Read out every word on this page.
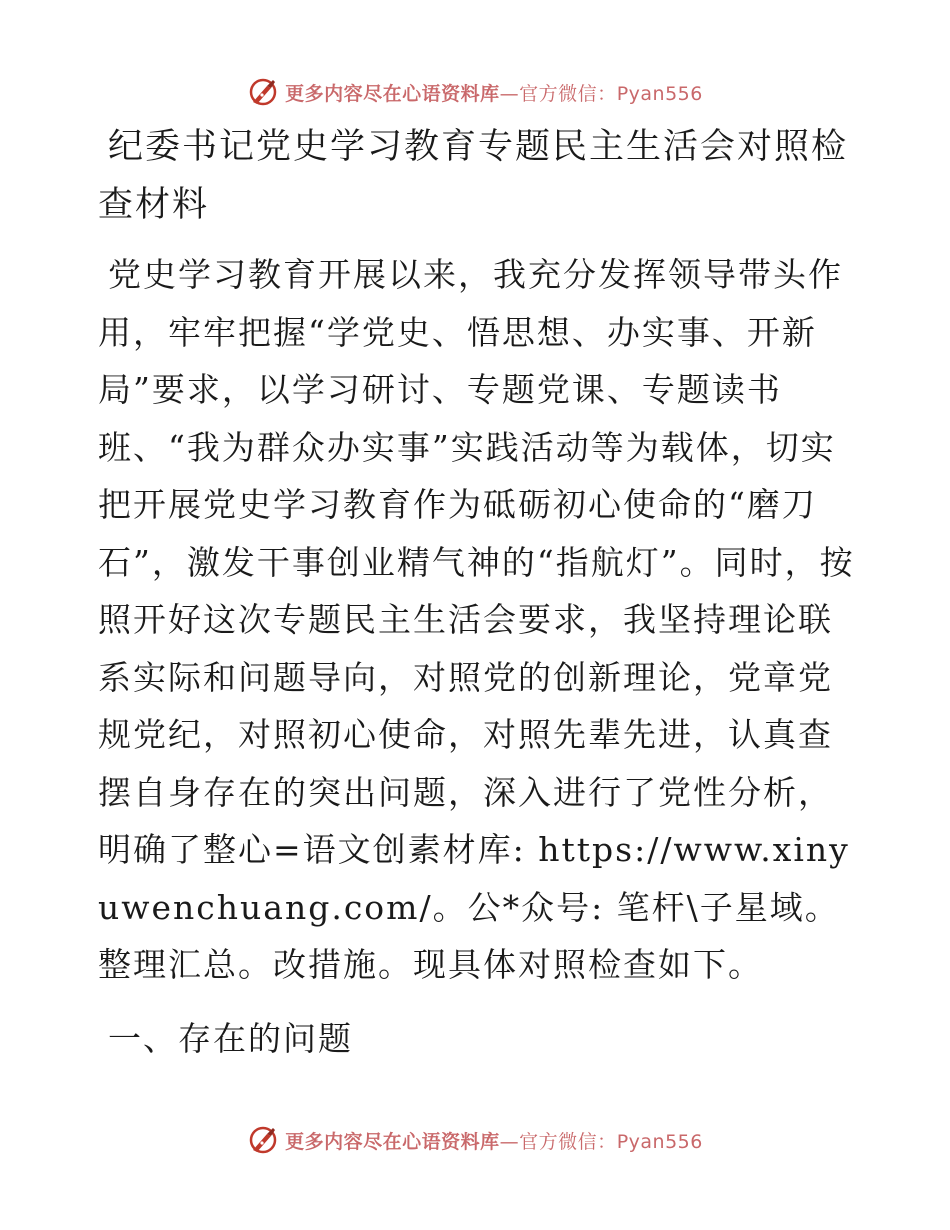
更多内容尽在心语资料库—官方微信：Pyan556
纪委书记党史学习教育专题民主生活会对照检查材料

党史学习教育开展以来，我充分发挥领导带头作用，牢牢把握“学党史、悟思想、办实事、开新局”要求，以学习研讨、专题党课、专题读书班、“我为群众办实事”实践活动等为载体，切实把开展党史学习教育作为砥砺初心使命的“磨刀石”，激发干事创业精气神的“指航灯”。同时，按照开好这次专题民主生活会要求，我坚持理论联系实际和问题导向，对照党的创新理论，党章党规党纪，对照初心使命，对照先辈先进，认真查摆自身存在的突出问题，深入进行了党性分析，明确了整心=语文创素材库: https://www.xinyuwenchuang.com/。公*众号: 笔杆\子星域。整理汇总。改措施。现具体对照检查如下。

一、存在的问题

更多内容尽在心语资料库—官方微信：Pyan556
